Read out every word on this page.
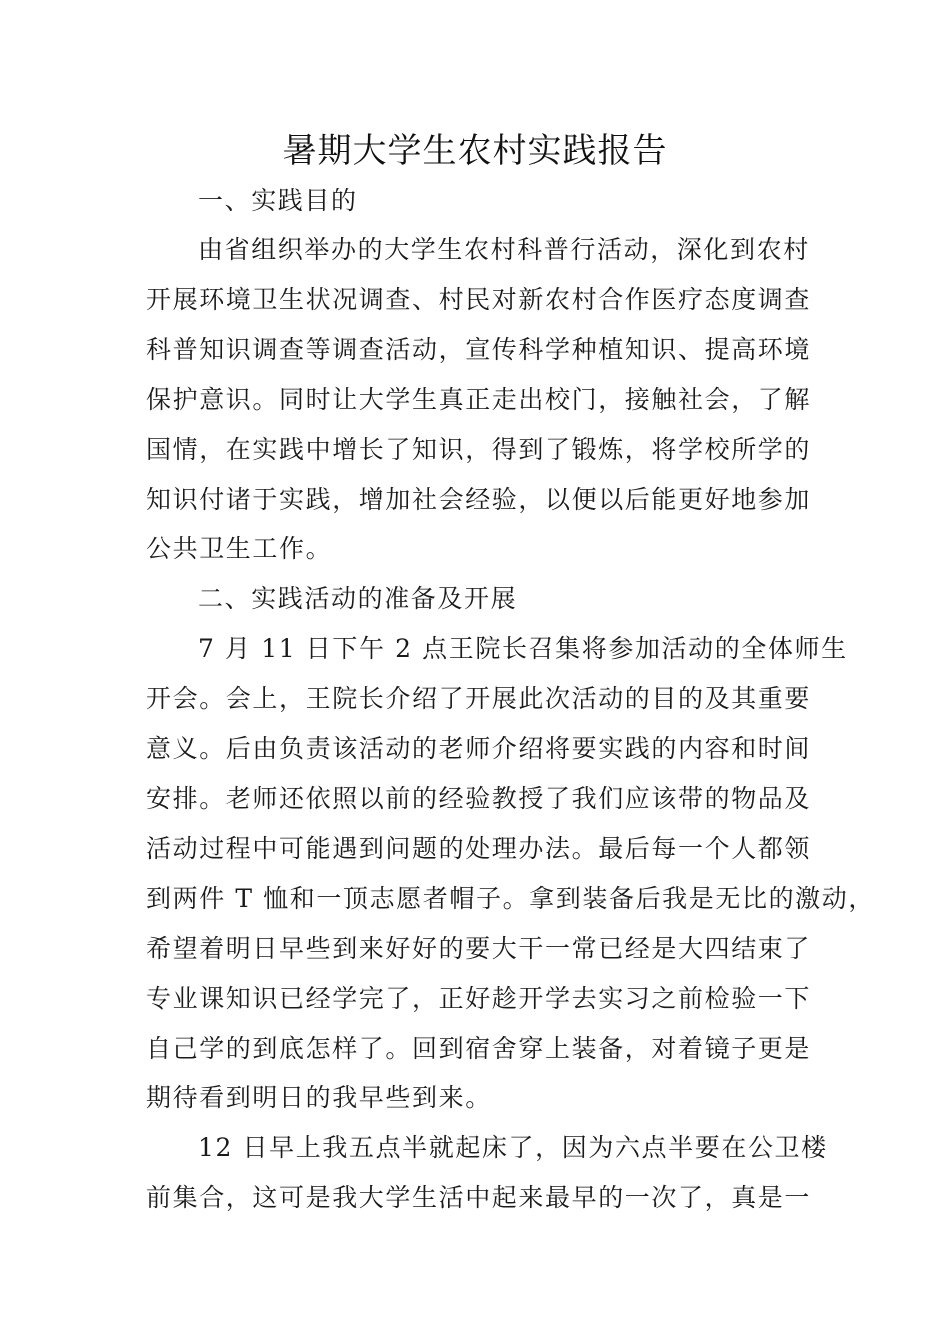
暑期大学生农村实践报告
一、实践目的
由省组织举办的大学生农村科普行活动，深化到农村
开展环境卫生状况调查、村民对新农村合作医疗态度调查
科普知识调查等调查活动，宣传科学种植知识、提高环境
保护意识。同时让大学生真正走出校门，接触社会，了解
国情，在实践中增长了知识，得到了锻炼，将学校所学的
知识付诸于实践，增加社会经验，以便以后能更好地参加
公共卫生工作。
二、实践活动的准备及开展
7 月 11 日下午 2 点王院长召集将参加活动的全体师生
开会。会上，王院长介绍了开展此次活动的目的及其重要
意义。后由负责该活动的老师介绍将要实践的内容和时间
安排。老师还依照以前的经验教授了我们应该带的物品及
活动过程中可能遇到问题的处理办法。最后每一个人都领
到两件 T 恤和一顶志愿者帽子。拿到装备后我是无比的激动，
希望着明日早些到来好好的要大干一常已经是大四结束了
专业课知识已经学完了，正好趁开学去实习之前检验一下
自己学的到底怎样了。回到宿舍穿上装备，对着镜子更是
期待看到明日的我早些到来。
12 日早上我五点半就起床了，因为六点半要在公卫楼
前集合，这可是我大学生活中起来最早的一次了，真是一
